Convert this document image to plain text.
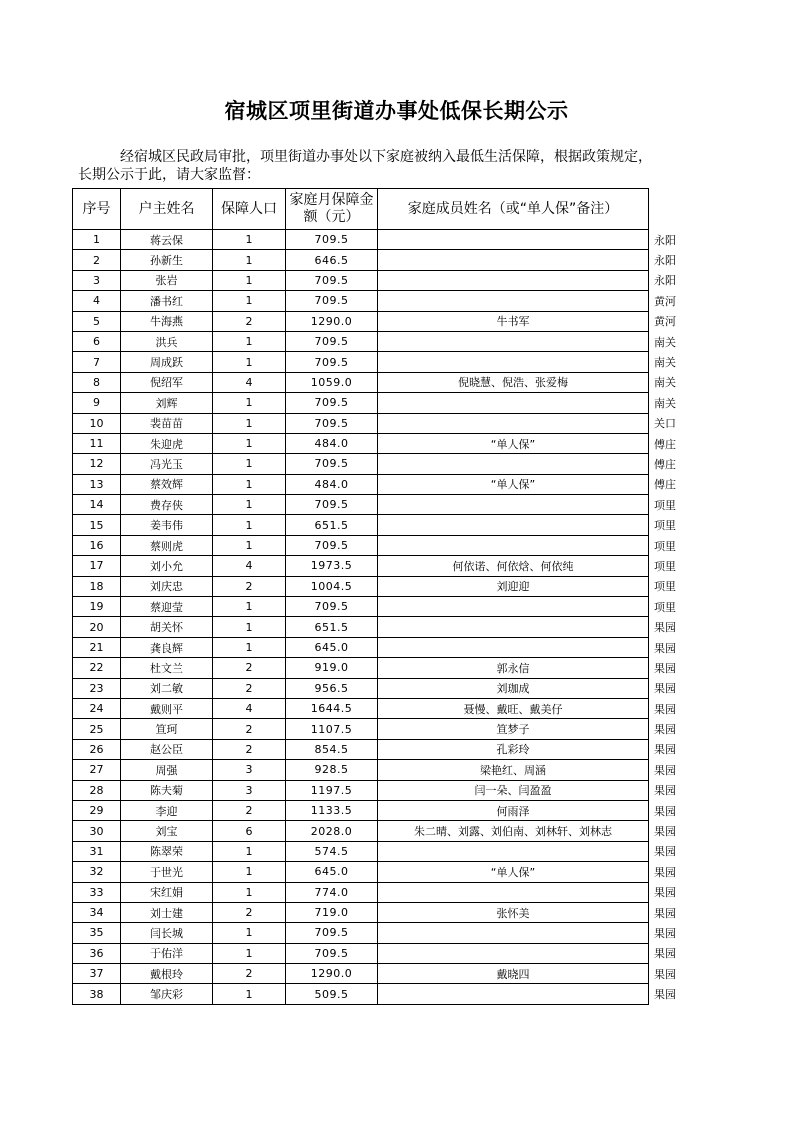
宿城区项里街道办事处低保长期公示
经宿城区民政局审批，项里街道办事处以下家庭被纳入最低生活保障，根据政策规定，长期公示于此，请大家监督：
序号	户主姓名	保障人口	家庭月保障金额（元）	家庭成员姓名（或“单人保”备注）	
1	蒋云保	1	709.5		永阳
2	孙新生	1	646.5		永阳
3	张岩	1	709.5		永阳
4	潘书红	1	709.5		黄河
5	牛海燕	2	1290.0	牛书军	黄河
6	洪兵	1	709.5		南关
7	周成跃	1	709.5		南关
8	倪绍军	4	1059.0	倪晓慧、倪浩、张爱梅	南关
9	刘辉	1	709.5		南关
10	裴苗苗	1	709.5		关口
11	朱迎虎	1	484.0	“单人保”	傅庄
12	冯光玉	1	709.5		傅庄
13	蔡效辉	1	484.0	“单人保”	傅庄
14	费存侠	1	709.5		项里
15	姜韦伟	1	651.5		项里
16	蔡则虎	1	709.5		项里
17	刘小允	4	1973.5	何依诺、何依焓、何依纯	项里
18	刘庆忠	2	1004.5	刘迎迎	项里
19	蔡迎莹	1	709.5		项里
20	胡关怀	1	651.5		果园
21	龚良辉	1	645.0		果园
22	杜文兰	2	919.0	郭永信	果园
23	刘二敏	2	956.5	刘珈成	果园
24	戴则平	4	1644.5	聂慢、戴旺、戴美仔	果园
25	笪珂	2	1107.5	笪梦子	果园
26	赵公臣	2	854.5	孔彩玲	果园
27	周强	3	928.5	梁艳红、周涵	果园
28	陈夫菊	3	1197.5	闫一朵、闫盈盈	果园
29	李迎	2	1133.5	何雨泽	果园
30	刘宝	6	2028.0	朱二晴、刘露、刘伯南、刘林轩、刘林志	果园
31	陈翠荣	1	574.5		果园
32	于世光	1	645.0	“单人保”	果园
33	宋红娟	1	774.0		果园
34	刘士建	2	719.0	张怀美	果园
35	闫长城	1	709.5		果园
36	于佑洋	1	709.5		果园
37	戴根玲	2	1290.0	戴晓四	果园
38	邹庆彩	1	509.5		果园
